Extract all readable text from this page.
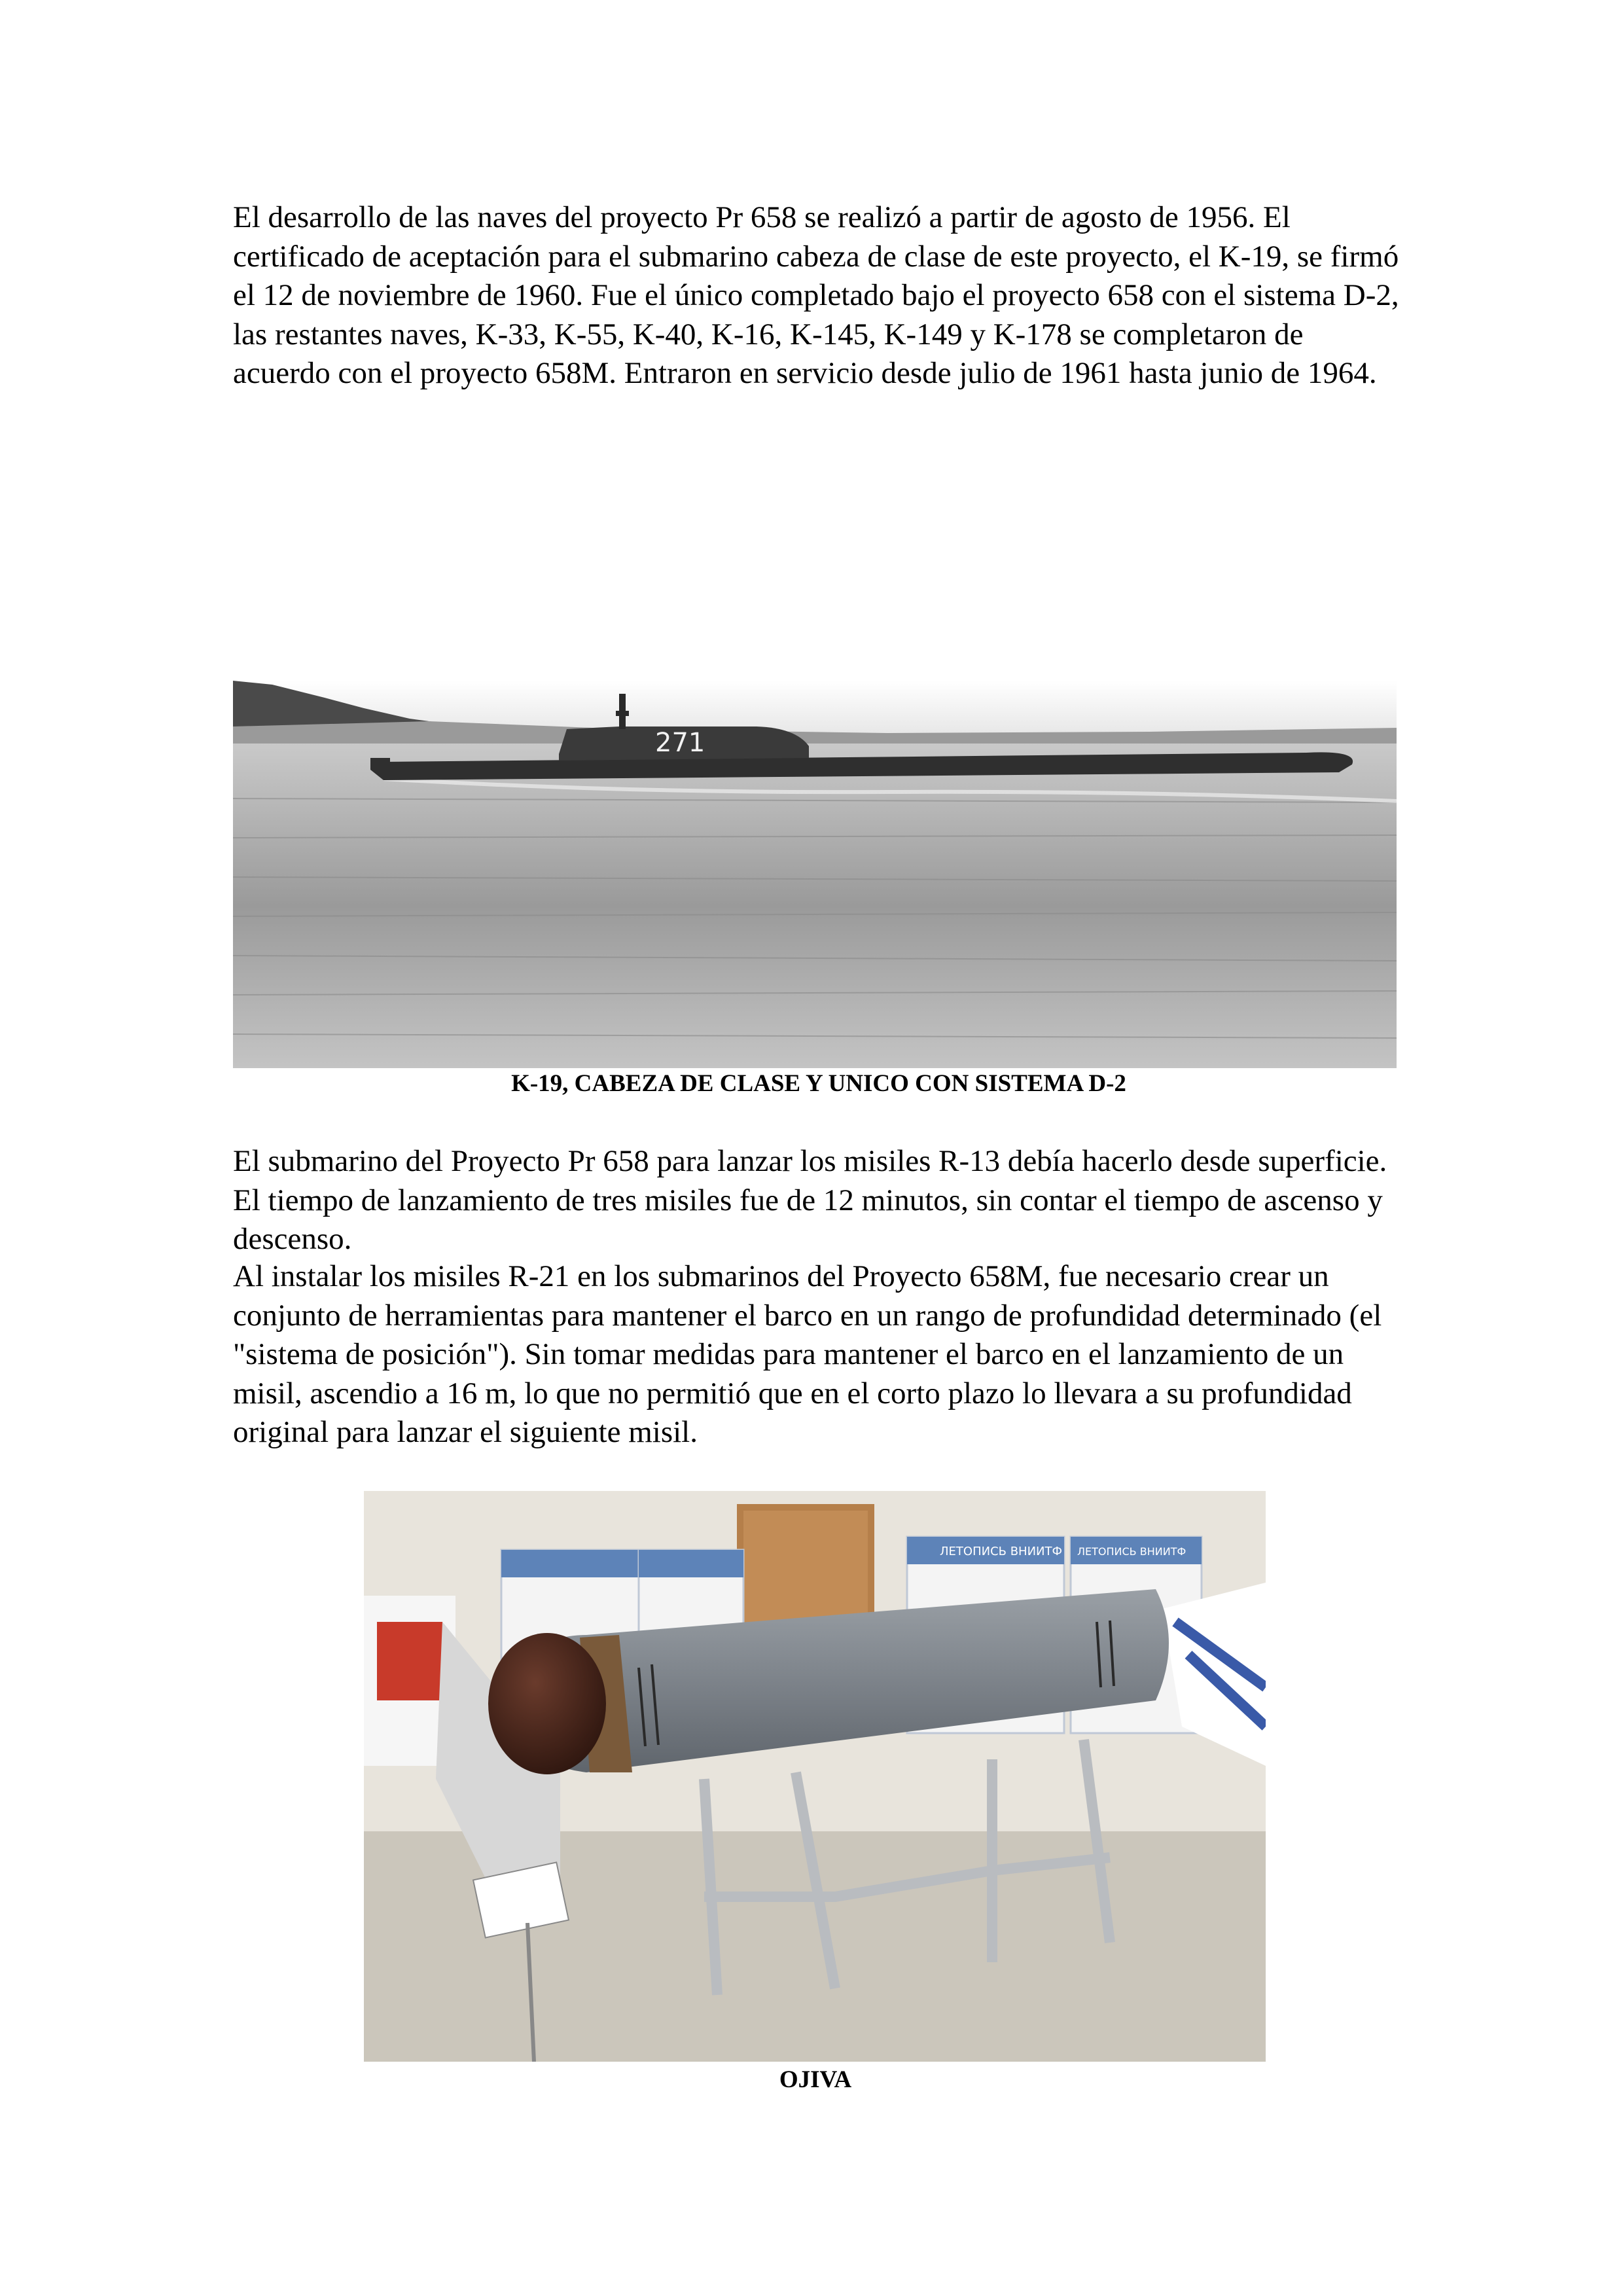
El desarrollo de las naves del proyecto Pr 658 se realizó a partir de agosto de 1956. El certificado de aceptación para el submarino cabeza de clase de este proyecto, el K-19, se firmó el 12 de noviembre de 1960. Fue el único completado bajo el proyecto 658 con el sistema D-2, las restantes naves, K-33, K-55, K-40, K-16, K-145, K-149 y K-178 se completaron de acuerdo con el proyecto 658M. Entraron en servicio desde julio de 1961 hasta junio de 1964.

271

K-19, CABEZA DE CLASE Y UNICO CON SISTEMA D-2

El submarino del Proyecto Pr 658 para lanzar los misiles R-13 debía hacerlo desde superficie. El tiempo de lanzamiento de tres misiles fue de 12 minutos, sin contar el tiempo de ascenso y descenso.

Al instalar los misiles R-21 en los submarinos del Proyecto 658M, fue necesario crear un conjunto de herramientas para mantener el barco en un rango de profundidad determinado (el "sistema de posición"). Sin tomar medidas para mantener el barco en el lanzamiento de un misil, ascendio a 16 m, lo que no permitió que en el corto plazo lo llevara a su profundidad original para lanzar el siguiente misil.

ЛЕТОПИСЬ ВНИИТФ ЛЕТОПИСЬ ВНИИТФ

OJIVA
